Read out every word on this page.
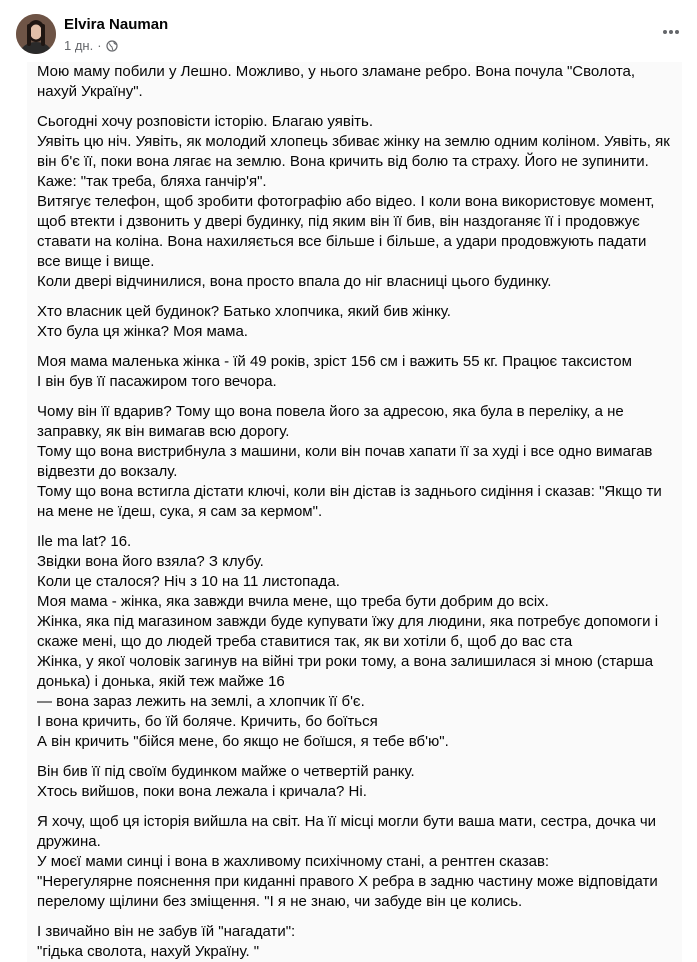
Elvira Nauman
1 дн. ·
Мою маму побили у Лешно. Можливо, у нього зламане ребро. Вона почула "Сволота, нахуй Україну".
Сьогодні хочу розповісти історію. Благаю уявіть.
Уявіть цю ніч. Уявіть, як молодий хлопець збиває жінку на землю одним коліном. Уявіть, як він б'є її, поки вона лягає на землю. Вона кричить від болю та страху. Його не зупинити.
Каже: "так треба, бляха ганчір'я".
Витягує телефон, щоб зробити фотографію або відео. І коли вона використовує момент, щоб втекти і дзвонить у двері будинку, під яким він її бив, він наздоганяє її і продовжує ставати на коліна. Вона нахиляється все більше і більше, а удари продовжують падати все вище і вище.
Коли двері відчинилися, вона просто впала до ніг власниці цього будинку.
Хто власник цей будинок? Батько хлопчика, який бив жінку.
Хто була ця жінка? Моя мама.
Моя мама маленька жінка - їй 49 років, зріст 156 см і важить 55 кг. Працює таксистом
І він був її пасажиром того вечора.
Чому він її вдарив? Тому що вона повела його за адресою, яка була в переліку, а не заправку, як він вимагав всю дорогу.
Тому що вона вистрибнула з машини, коли він почав хапати її за худі і все одно вимагав відвезти до вокзалу.
Тому що вона встигла дістати ключі, коли він дістав із заднього сидіння і сказав: "Якщо ти на мене не їдеш, сука, я сам за кермом".
Ile ma lat? 16.
Звідки вона його взяла? З клубу.
Коли це сталося? Ніч з 10 на 11 листопада.
Моя мама - жінка, яка завжди вчила мене, що треба бути добрим до всіх.
Жінка, яка під магазином завжди буде купувати їжу для людини, яка потребує допомоги і скаже мені, що до людей треба ставитися так, як ви хотіли б, щоб до вас ста
Жінка, у якої чоловік загинув на війні три роки тому, а вона залишилася зі мною (старша донька) і донька, якій теж майже 16
— вона зараз лежить на землі, а хлопчик її б'є.
І вона кричить, бо їй боляче. Кричить, бо боїться
А він кричить "бійся мене, бо якщо не боїшся, я тебе вб'ю".
Він бив її під своїм будинком майже о четвертій ранку.
Хтось вийшов, поки вона лежала і кричала? Ні.
Я хочу, щоб ця історія вийшла на світ. На її місці могли бути ваша мати, сестра, дочка чи дружина.
У моєї мами синці і вона в жахливому психічному стані, а рентген сказав:
"Нерегулярне пояснення при киданні правого X ребра в задню частину може відповідати перелому щілини без зміщення. "І я не знаю, чи забуде він це колись.
І звичайно він не забув їй "нагадати":
"гідька сволота, нахуй Україну. "
